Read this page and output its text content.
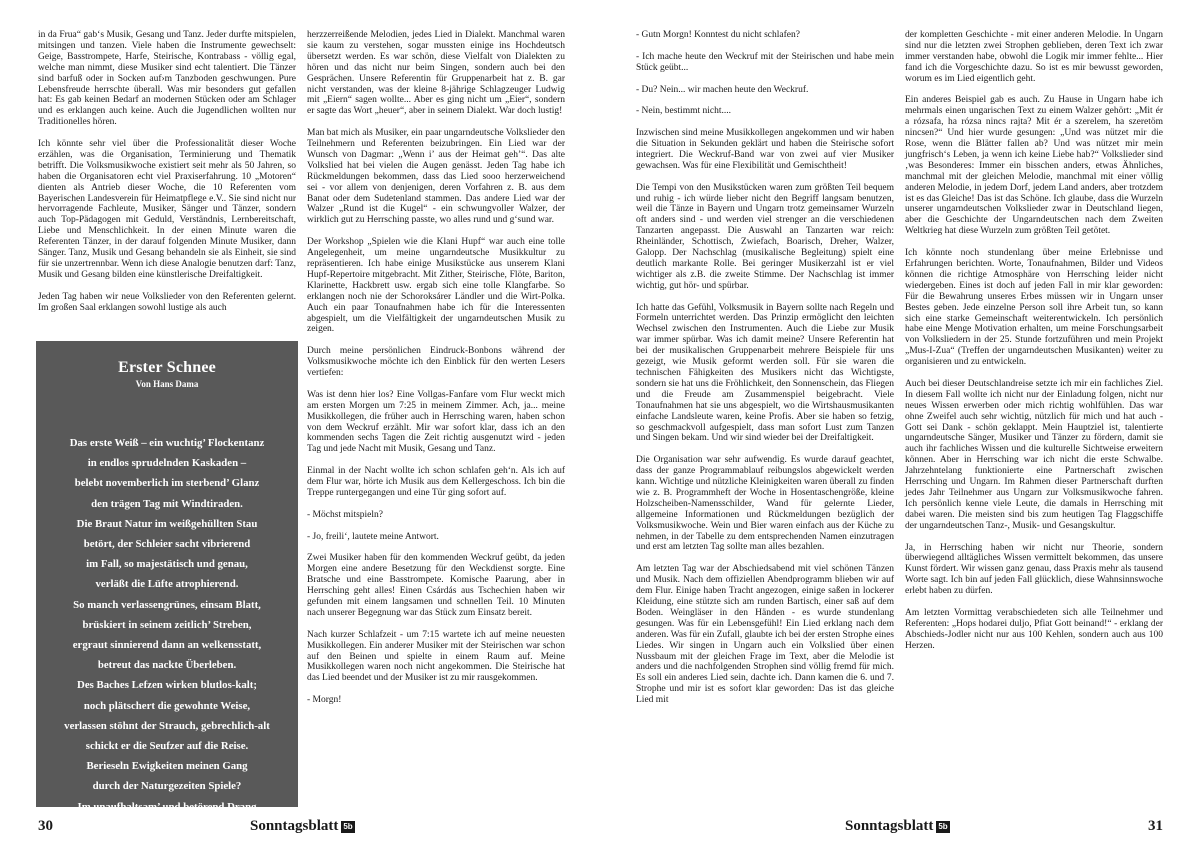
in da Frua“ gab‘s Musik, Gesang und Tanz. Jeder durfte mitspielen, mitsingen und tanzen. Viele haben die Instrumente gewechselt: Geige, Basstrompete, Harfe, Steirische, Kontrabass - völlig egal, welche man nimmt, diese Musiker sind echt talentiert. Die Tänzer sind barfuß oder in Socken auf›m Tanzboden geschwungen. Pure Lebensfreude herrschte überall. Was mir besonders gut gefallen hat: Es gab keinen Bedarf an modernen Stücken oder am Schlager und es erklangen auch keine. Auch die Jugendlichen wollten nur Traditionelles hören.

Ich könnte sehr viel über die Professionalität dieser Woche erzählen, was die Organisation, Terminierung und Thematik betrifft. Die Volksmusikwoche existiert seit mehr als 50 Jahren, so haben die Organisatoren echt viel Praxiserfahrung. 10 „Motoren“ dienten als Antrieb dieser Woche, die 10 Referenten vom Bayerischen Landesverein für Heimatpflege e.V.. Sie sind nicht nur hervorragende Fachleute, Musiker, Sänger und Tänzer, sondern auch Top-Pädagogen mit Geduld, Verständnis, Lernbereitschaft, Liebe und Menschlichkeit. In der einen Minute waren die Referenten Tänzer, in der darauf folgenden Minute Musiker, dann Sänger. Tanz, Musik und Gesang behandeln sie als Einheit, sie sind für sie unzertrennbar. Wenn ich diese Analogie benutzen darf: Tanz, Musik und Gesang bilden eine künstlerische Dreifaltigkeit.

Jeden Tag haben wir neue Volkslieder von den Referenten gelernt. Im großen Saal erklangen sowohl lustige als auch

Erster Schnee
Von Hans Dama
Das erste Weiß – ein wuchtig’ Flockentanz
in endlos sprudelnden Kaskaden –
belebt novemberlich im sterbend’ Glanz
den trägen Tag mit Windtiraden.
Die Braut Natur im weißgehüllten Stau
betört, der Schleier sacht vibrierend
im Fall, so majestätisch und genau,
verläßt die Lüfte atrophierend.
So manch verlassengrünes, einsam Blatt,
brüskiert in seinem zeitlich’ Streben,
ergraut sinnierend dann an welkensstatt,
betreut das nackte Überleben.
Des Baches Lefzen wirken blutlos-kalt;
noch plätschert die gewohnte Weise,
verlassen stöhnt der Strauch, gebrechlich-alt
schickt er die Seufzer auf die Reise.
Berieseln Ewigkeiten meinen Gang
durch der Naturgezeiten Spiele?
Im unaufhaltsam’ und betörend Drang

herzzerreißende Melodien, jedes Lied in Dialekt. Manchmal waren sie kaum zu verstehen, sogar mussten einige ins Hochdeutsch übersetzt werden. Es war schön, diese Vielfalt von Dialekten zu hören und das nicht nur beim Singen, sondern auch bei den Gesprächen. Unsere Referentin für Gruppenarbeit hat z. B. gar nicht verstanden, was der kleine 8-jährige Schlagzeuger Ludwig mit „Eiern“ sagen wollte... Aber es ging nicht um „Eier“, sondern er sagte das Wort „heuer“, aber in seinem Dialekt. War doch lustig!

Man bat mich als Musiker, ein paar ungarndeutsche Volkslieder den Teilnehmern und Referenten beizubringen. Ein Lied war der Wunsch von Dagmar: „Wenn i’ aus der Heimat geh’“. Das alte Volkslied hat bei vielen die Augen genässt. Jeden Tag habe ich Rückmeldungen bekommen, dass das Lied sooo herzerweichend sei - vor allem von denjenigen, deren Vorfahren z. B. aus dem Banat oder dem Sudetenland stammen. Das andere Lied war der Walzer „Rund ist die Kugel“ - ein schwungvoller Walzer, der wirklich gut zu Herrsching passte, wo alles rund und g‘sund war.

Der Workshop „Spielen wie die Klani Hupf“ war auch eine tolle Angelegenheit, um meine ungarndeutsche Musikkultur zu repräsentieren. Ich habe einige Musikstücke aus unserem Klani Hupf-Repertoire mitgebracht. Mit Zither, Steirische, Flöte, Bariton, Klarinette, Hackbrett usw. ergab sich eine tolle Klangfarbe. So erklangen noch nie der Schoroksárer Ländler und die Wirt-Polka. Auch ein paar Tonaufnahmen habe ich für die Interessenten abgespielt, um die Vielfältigkeit der ungarndeutschen Musik zu zeigen.

Durch meine persönlichen Eindruck-Bonbons während der Volksmusikwoche möchte ich den Einblick für den werten Lesers vertiefen:

Was ist denn hier los? Eine Vollgas-Fanfare vom Flur weckt mich am ersten Morgen um 7:25 in meinem Zimmer. Ach, ja... meine Musikkollegen, die früher auch in Herrsching waren, haben schon von dem Weckruf erzählt. Mir war sofort klar, dass ich an den kommenden sechs Tagen die Zeit richtig ausgenutzt wird - jeden Tag und jede Nacht mit Musik, Gesang und Tanz.

Einmal in der Nacht wollte ich schon schlafen geh‘n. Als ich auf dem Flur war, hörte ich Musik aus dem Kellergeschoss. Ich bin die Treppe runtergegangen und eine Tür ging sofort auf.

- Möchst mitspieln?

- Jo, freili‘, lautete meine Antwort.

Zwei Musiker haben für den kommenden Weckruf geübt, da jeden Morgen eine andere Besetzung für den Weckdienst sorgte. Eine Bratsche und eine Basstrompete. Komische Paarung, aber in Herrsching geht alles! Einen Csárdás aus Tschechien haben wir gefunden mit einem langsamen und schnellen Teil. 10 Minuten nach unserer Begegnung war das Stück zum Einsatz bereit.

Nach kurzer Schlafzeit - um 7:15 wartete ich auf meine neuesten Musikkollegen. Ein anderer Musiker mit der Steirischen war schon auf den Beinen und spielte in einem Raum auf. Meine Musikkollegen waren noch nicht angekommen. Die Steirische hat das Lied beendet und der Musiker ist zu mir rausgekommen.

- Morgn!

30	Sonntagsblatt 5b

- Gutn Morgn! Konntest du nicht schlafen?

- Ich mache heute den Weckruf mit der Steirischen und habe mein Stück geübt...

- Du? Nein... wir machen heute den Weckruf.

- Nein, bestimmt nicht....

Inzwischen sind meine Musikkollegen angekommen und wir haben die Situation in Sekunden geklärt und haben die Steirische sofort integriert. Die Weckruf-Band war von zwei auf vier Musiker gewachsen. Was für eine Flexibilität und Gemischtheit!

Die Tempi von den Musikstücken waren zum größten Teil bequem und ruhig - ich würde lieber nicht den Begriff langsam benutzen, weil die Tänze in Bayern und Ungarn trotz gemeinsamer Wurzeln oft anders sind - und werden viel strenger an die verschiedenen Tanzarten angepasst. Die Auswahl an Tanzarten war reich: Rheinländer, Schottisch, Zwiefach, Boarisch, Dreher, Walzer, Galopp. Der Nachschlag (musikalische Begleitung) spielt eine deutlich markante Rolle. Bei geringer Musikerzahl ist er viel wichtiger als z.B. die zweite Stimme. Der Nachschlag ist immer wichtig, gut hör- und spürbar.

Ich hatte das Gefühl, Volksmusik in Bayern sollte nach Regeln und Formeln unterrichtet werden. Das Prinzip ermöglicht den leichten Wechsel zwischen den Instrumenten. Auch die Liebe zur Musik war immer spürbar. Was ich damit meine? Unsere Referentin hat bei der musikalischen Gruppenarbeit mehrere Beispiele für uns gezeigt, wie Musik geformt werden soll. Für sie waren die technischen Fähigkeiten des Musikers nicht das Wichtigste, sondern sie hat uns die Fröhlichkeit, den Sonnenschein, das Fliegen und die Freude am Zusammenspiel beigebracht. Viele Tonaufnahmen hat sie uns abgespielt, wo die Wirtshausmusikanten einfache Landsleute waren, keine Profis. Aber sie haben so fetzig, so geschmackvoll aufgespielt, dass man sofort Lust zum Tanzen und Singen bekam. Und wir sind wieder bei der Dreifaltigkeit.

Die Organisation war sehr aufwendig. Es wurde darauf geachtet, dass der ganze Programmablauf reibungslos abgewickelt werden kann. Wichtige und nützliche Kleinigkeiten waren überall zu finden wie z. B. Programmheft der Woche in Hosentaschengröße, kleine Holzscheiben-Namensschilder, Wand für gelernte Lieder, allgemeine Informationen und Rückmeldungen bezüglich der Volksmusikwoche. Wein und Bier waren einfach aus der Küche zu nehmen, in der Tabelle zu dem entsprechenden Namen einzutragen und erst am letzten Tag sollte man alles bezahlen.

Am letzten Tag war der Abschiedsabend mit viel schönen Tänzen und Musik. Nach dem offiziellen Abendprogramm blieben wir auf dem Flur. Einige haben Tracht angezogen, einige saßen in lockerer Kleidung, eine stützte sich am runden Bartisch, einer saß auf dem Boden. Weingläser in den Händen - es wurde stundenlang gesungen. Was für ein Lebensgefühl! Ein Lied erklang nach dem anderen. Was für ein Zufall, glaubte ich bei der ersten Strophe eines Liedes. Wir singen in Ungarn auch ein Volkslied über einen Nussbaum mit der gleichen Frage im Text, aber die Melodie ist anders und die nachfolgenden Strophen sind völlig fremd für mich. Es soll ein anderes Lied sein, dachte ich. Dann kamen die 6. und 7. Strophe und mir ist es sofort klar geworden: Das ist das gleiche Lied mit

der kompletten Geschichte - mit einer anderen Melodie. In Ungarn sind nur die letzten zwei Strophen geblieben, deren Text ich zwar immer verstanden habe, obwohl die Logik mir immer fehlte... Hier fand ich die Vorgeschichte dazu. So ist es mir bewusst geworden, worum es im Lied eigentlich geht.

Ein anderes Beispiel gab es auch. Zu Hause in Ungarn habe ich mehrmals einen ungarischen Text zu einem Walzer gehört: „Mit ér a rózsafa, ha rózsa nincs rajta? Mit ér a szerelem, ha szeretöm nincsen?“ Und hier wurde gesungen: „Und was nützet mir die Rose, wenn die Blätter fallen ab? Und was nützet mir mein jungfrisch‘s Leben, ja wenn ich keine Liebe hab?“ Volkslieder sind ‚was Besonderes: Immer ein bisschen anders, etwas Ähnliches, manchmal mit der gleichen Melodie, manchmal mit einer völlig anderen Melodie, in jedem Dorf, jedem Land anders, aber trotzdem ist es das Gleiche! Das ist das Schöne. Ich glaube, dass die Wurzeln unserer ungarndeutschen Volkslieder zwar in Deutschland liegen, aber die Geschichte der Ungarndeutschen nach dem Zweiten Weltkrieg hat diese Wurzeln zum größten Teil getötet.

Ich könnte noch stundenlang über meine Erlebnisse und Erfahrungen berichten. Worte, Tonaufnahmen, Bilder und Videos können die richtige Atmosphäre von Herrsching leider nicht wiedergeben. Eines ist doch auf jeden Fall in mir klar geworden: Für die Bewahrung unseres Erbes müssen wir in Ungarn unser Bestes geben. Jede einzelne Person soll ihre Arbeit tun, so kann sich eine starke Gemeinschaft weiterentwickeln. Ich persönlich habe eine Menge Motivation erhalten, um meine Forschungsarbeit von Volksliedern in der 25. Stunde fortzuführen und mein Projekt „Mus-I-Zua“ (Treffen der ungarndeutschen Musikanten) weiter zu organisieren und zu entwickeln.

Auch bei dieser Deutschlandreise setzte ich mir ein fachliches Ziel. In diesem Fall wollte ich nicht nur der Einladung folgen, nicht nur neues Wissen erwerben oder mich richtig wohlfühlen. Das war ohne Zweifel auch sehr wichtig, nützlich für mich und hat auch - Gott sei Dank - schön geklappt. Mein Hauptziel ist, talentierte ungarndeutsche Sänger, Musiker und Tänzer zu fördern, damit sie auch ihr fachliches Wissen und die kulturelle Sichtweise erweitern können. Aber in Herrsching war ich nicht die erste Schwalbe. Jahrzehntelang funktionierte eine Partnerschaft zwischen Herrsching und Ungarn. Im Rahmen dieser Partnerschaft durften jedes Jahr Teilnehmer aus Ungarn zur Volksmusikwoche fahren. Ich persönlich kenne viele Leute, die damals in Herrsching mit dabei waren. Die meisten sind bis zum heutigen Tag Flaggschiffe der ungarndeutschen Tanz-, Musik- und Gesangskultur.

Ja, in Herrsching haben wir nicht nur Theorie, sondern überwiegend alltägliches Wissen vermittelt bekommen, das unsere Kunst fördert. Wir wissen ganz genau, dass Praxis mehr als tausend Worte sagt. Ich bin auf jeden Fall glücklich, diese Wahnsinnswoche erlebt haben zu dürfen.

Am letzten Vormittag verabschiedeten sich alle Teilnehmer und Referenten: „Hops hodarei duljo, Pfiat Gott beinand!“ - erklang der Abschieds-Jodler nicht nur aus 100 Kehlen, sondern auch aus 100 Herzen.

Sonntagsblatt 5b	31
